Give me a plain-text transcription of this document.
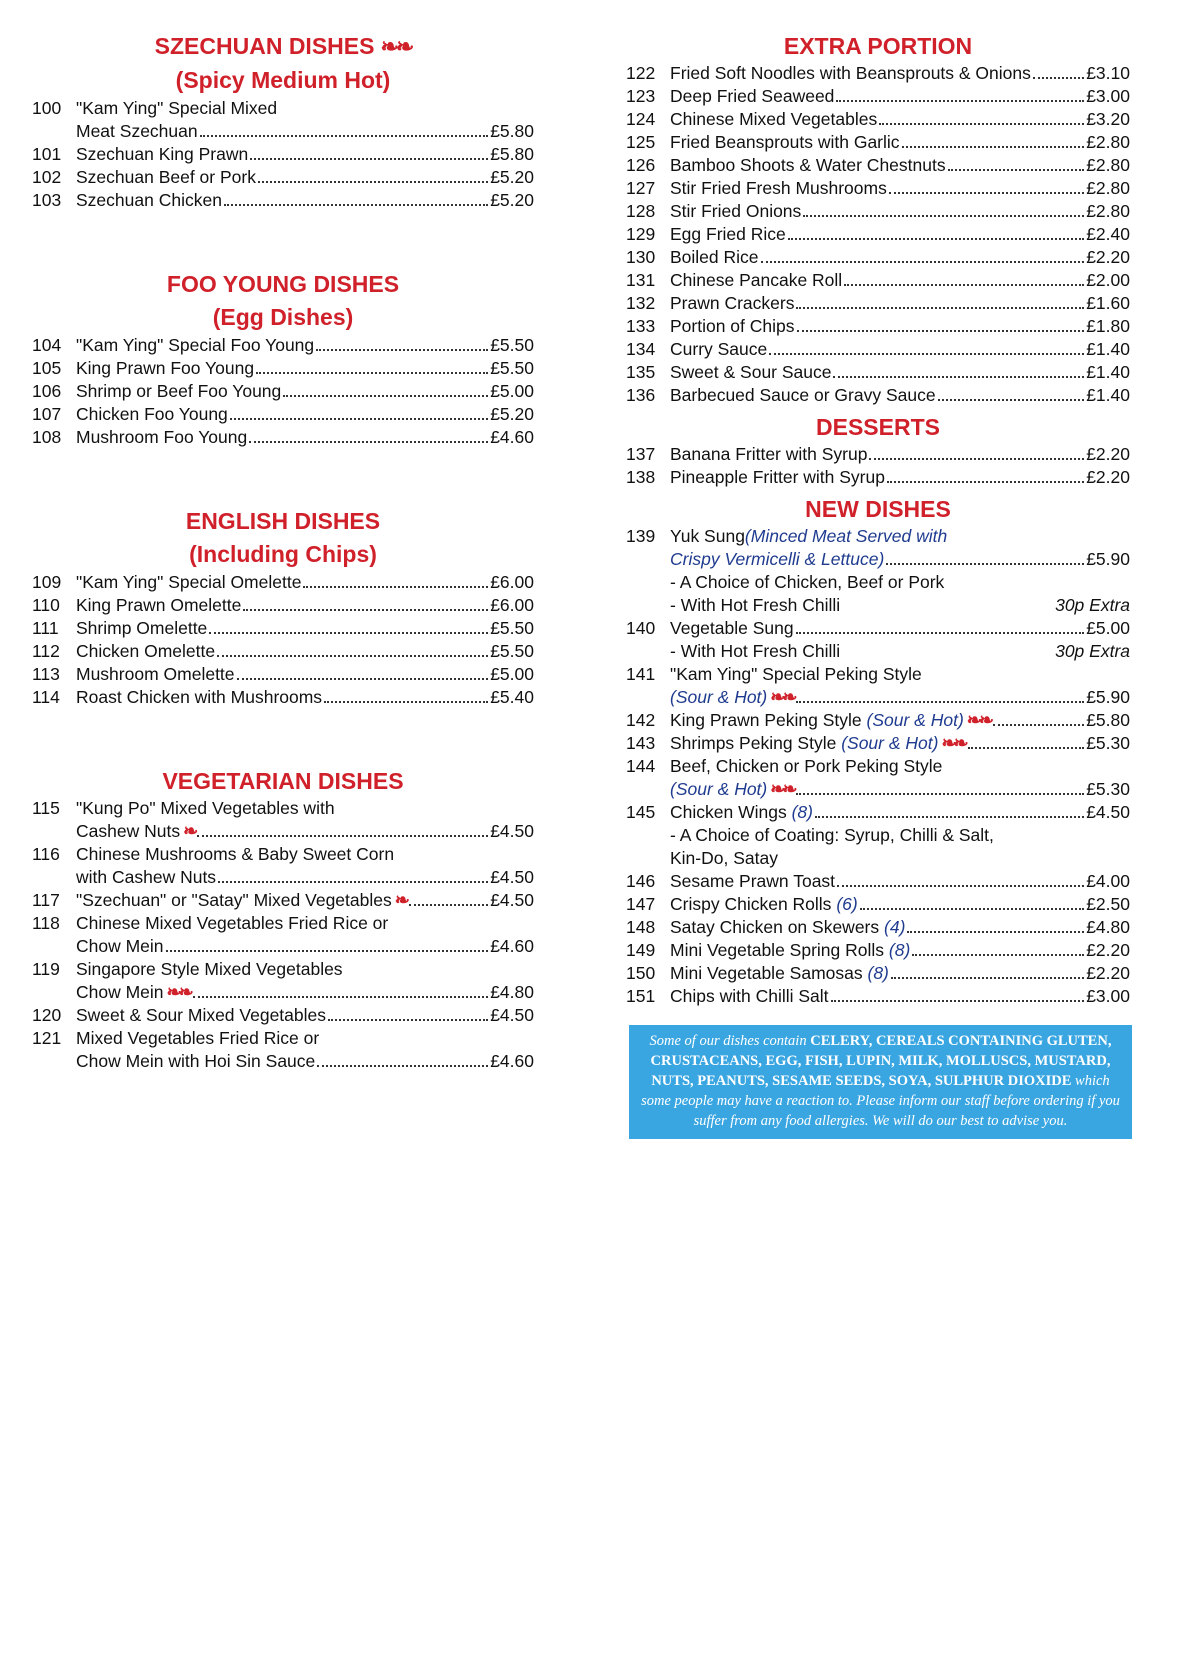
SZECHUAN DISHES ❧❧
(Spicy Medium Hot)
100 "Kam Ying" Special Mixed
Meat Szechuan	£5.80
101 Szechuan King Prawn	£5.80
102 Szechuan Beef or Pork	£5.20
103 Szechuan Chicken	£5.20
FOO YOUNG DISHES
(Egg Dishes)
104 "Kam Ying" Special Foo Young	£5.50
105 King Prawn Foo Young	£5.50
106 Shrimp or Beef Foo Young	£5.00
107 Chicken Foo Young	£5.20
108 Mushroom Foo Young	£4.60
ENGLISH DISHES
(Including Chips)
109 "Kam Ying" Special Omelette	£6.00
110 King Prawn Omelette	£6.00
111 Shrimp Omelette	£5.50
112 Chicken Omelette	£5.50
113 Mushroom Omelette	£5.00
114 Roast Chicken with Mushrooms	£5.40
VEGETARIAN DISHES
115 "Kung Po" Mixed Vegetables with
Cashew Nuts ❧	£4.50
116 Chinese Mushrooms & Baby Sweet Corn
with Cashew Nuts	£4.50
117 "Szechuan" or "Satay" Mixed Vegetables ❧	£4.50
118 Chinese Mixed Vegetables Fried Rice or
Chow Mein	£4.60
119 Singapore Style Mixed Vegetables
Chow Mein ❧❧	£4.80
120 Sweet & Sour Mixed Vegetables	£4.50
121 Mixed Vegetables Fried Rice or
Chow Mein with Hoi Sin Sauce	£4.60
EXTRA PORTION
122 Fried Soft Noodles with Beansprouts & Onions	£3.10
123 Deep Fried Seaweed	£3.00
124 Chinese Mixed Vegetables	£3.20
125 Fried Beansprouts with Garlic	£2.80
126 Bamboo Shoots & Water Chestnuts	£2.80
127 Stir Fried Fresh Mushrooms	£2.80
128 Stir Fried Onions	£2.80
129 Egg Fried Rice	£2.40
130 Boiled Rice	£2.20
131 Chinese Pancake Roll	£2.00
132 Prawn Crackers	£1.60
133 Portion of Chips	£1.80
134 Curry Sauce	£1.40
135 Sweet & Sour Sauce	£1.40
136 Barbecued Sauce or Gravy Sauce	£1.40
DESSERTS
137 Banana Fritter with Syrup	£2.20
138 Pineapple Fritter with Syrup	£2.20
NEW DISHES
139 Yuk Sung (Minced Meat Served with
Crispy Vermicelli & Lettuce)	£5.90
- A Choice of Chicken, Beef or Pork
- With Hot Fresh Chilli	30p Extra
140 Vegetable Sung	£5.00
- With Hot Fresh Chilli	30p Extra
141 "Kam Ying" Special Peking Style
(Sour & Hot) ❧❧	£5.90
142 King Prawn Peking Style (Sour & Hot) ❧❧	£5.80
143 Shrimps Peking Style (Sour & Hot) ❧❧	£5.30
144 Beef, Chicken or Pork Peking Style
(Sour & Hot) ❧❧	£5.30
145 Chicken Wings (8)	£4.50
- A Choice of Coating: Syrup, Chilli & Salt,
Kin-Do, Satay
146 Sesame Prawn Toast	£4.00
147 Crispy Chicken Rolls (6)	£2.50
148 Satay Chicken on Skewers (4)	£4.80
149 Mini Vegetable Spring Rolls (8)	£2.20
150 Mini Vegetable Samosas (8)	£2.20
151 Chips with Chilli Salt	£3.00
Some of our dishes contain CELERY, CEREALS CONTAINING GLUTEN, CRUSTACEANS, EGG, FISH, LUPIN, MILK, MOLLUSCS, MUSTARD, NUTS, PEANUTS, SESAME SEEDS, SOYA, SULPHUR DIOXIDE which some people may have a reaction to. Please inform our staff before ordering if you suffer from any food allergies. We will do our best to advise you.
